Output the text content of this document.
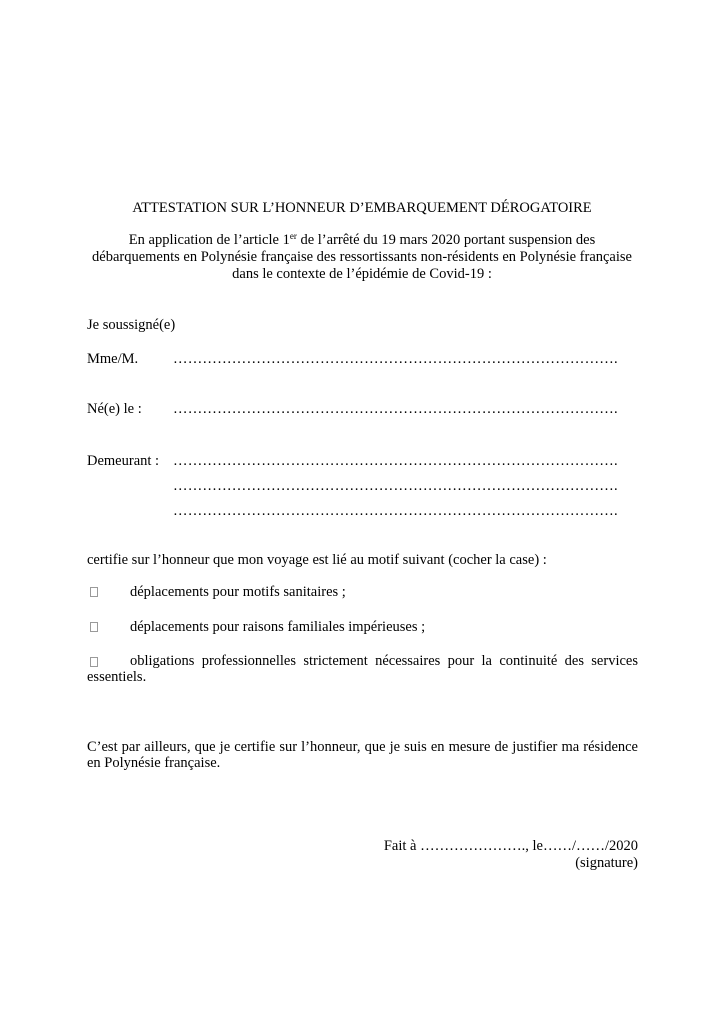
ATTESTATION SUR L’HONNEUR D’EMBARQUEMENT DÉROGATOIRE
En application de l’article 1er de l’arrêté du 19 mars 2020 portant suspension des
débarquements en Polynésie française des ressortissants non-résidents en Polynésie française
dans le contexte de l’épidémie de Covid-19 :
Je soussigné(e)
Mme/M. ……………………………………………………………………………….
Né(e) le : ……………………………………………………………………………….
Demeurant : ……………………………………………………………………………….
……………………………………………………………………………….
……………………………………………………………………………….
certifie sur l’honneur que mon voyage est lié au motif suivant (cocher la case) :
déplacements pour motifs sanitaires ;
déplacements pour raisons familiales impérieuses ;
obligations professionnelles strictement nécessaires pour la continuité des services
essentiels.
C’est par ailleurs, que je certifie sur l’honneur, que je suis en mesure de justifier ma résidence
en Polynésie française.
Fait à …………………., le……/……/2020
(signature)
